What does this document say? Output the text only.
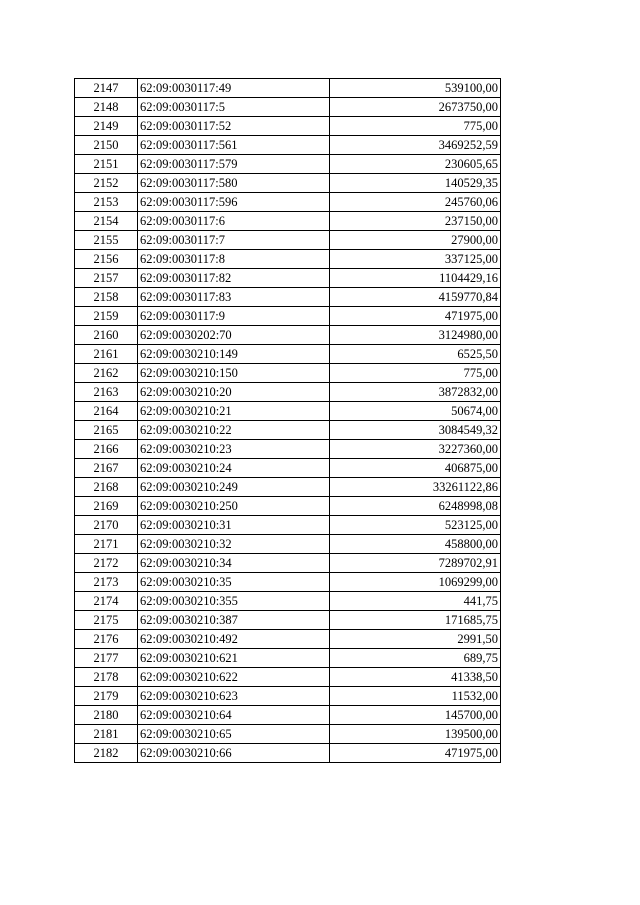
2147	62:09:0030117:49	539100,00
2148	62:09:0030117:5	2673750,00
2149	62:09:0030117:52	775,00
2150	62:09:0030117:561	3469252,59
2151	62:09:0030117:579	230605,65
2152	62:09:0030117:580	140529,35
2153	62:09:0030117:596	245760,06
2154	62:09:0030117:6	237150,00
2155	62:09:0030117:7	27900,00
2156	62:09:0030117:8	337125,00
2157	62:09:0030117:82	1104429,16
2158	62:09:0030117:83	4159770,84
2159	62:09:0030117:9	471975,00
2160	62:09:0030202:70	3124980,00
2161	62:09:0030210:149	6525,50
2162	62:09:0030210:150	775,00
2163	62:09:0030210:20	3872832,00
2164	62:09:0030210:21	50674,00
2165	62:09:0030210:22	3084549,32
2166	62:09:0030210:23	3227360,00
2167	62:09:0030210:24	406875,00
2168	62:09:0030210:249	33261122,86
2169	62:09:0030210:250	6248998,08
2170	62:09:0030210:31	523125,00
2171	62:09:0030210:32	458800,00
2172	62:09:0030210:34	7289702,91
2173	62:09:0030210:35	1069299,00
2174	62:09:0030210:355	441,75
2175	62:09:0030210:387	171685,75
2176	62:09:0030210:492	2991,50
2177	62:09:0030210:621	689,75
2178	62:09:0030210:622	41338,50
2179	62:09:0030210:623	11532,00
2180	62:09:0030210:64	145700,00
2181	62:09:0030210:65	139500,00
2182	62:09:0030210:66	471975,00
